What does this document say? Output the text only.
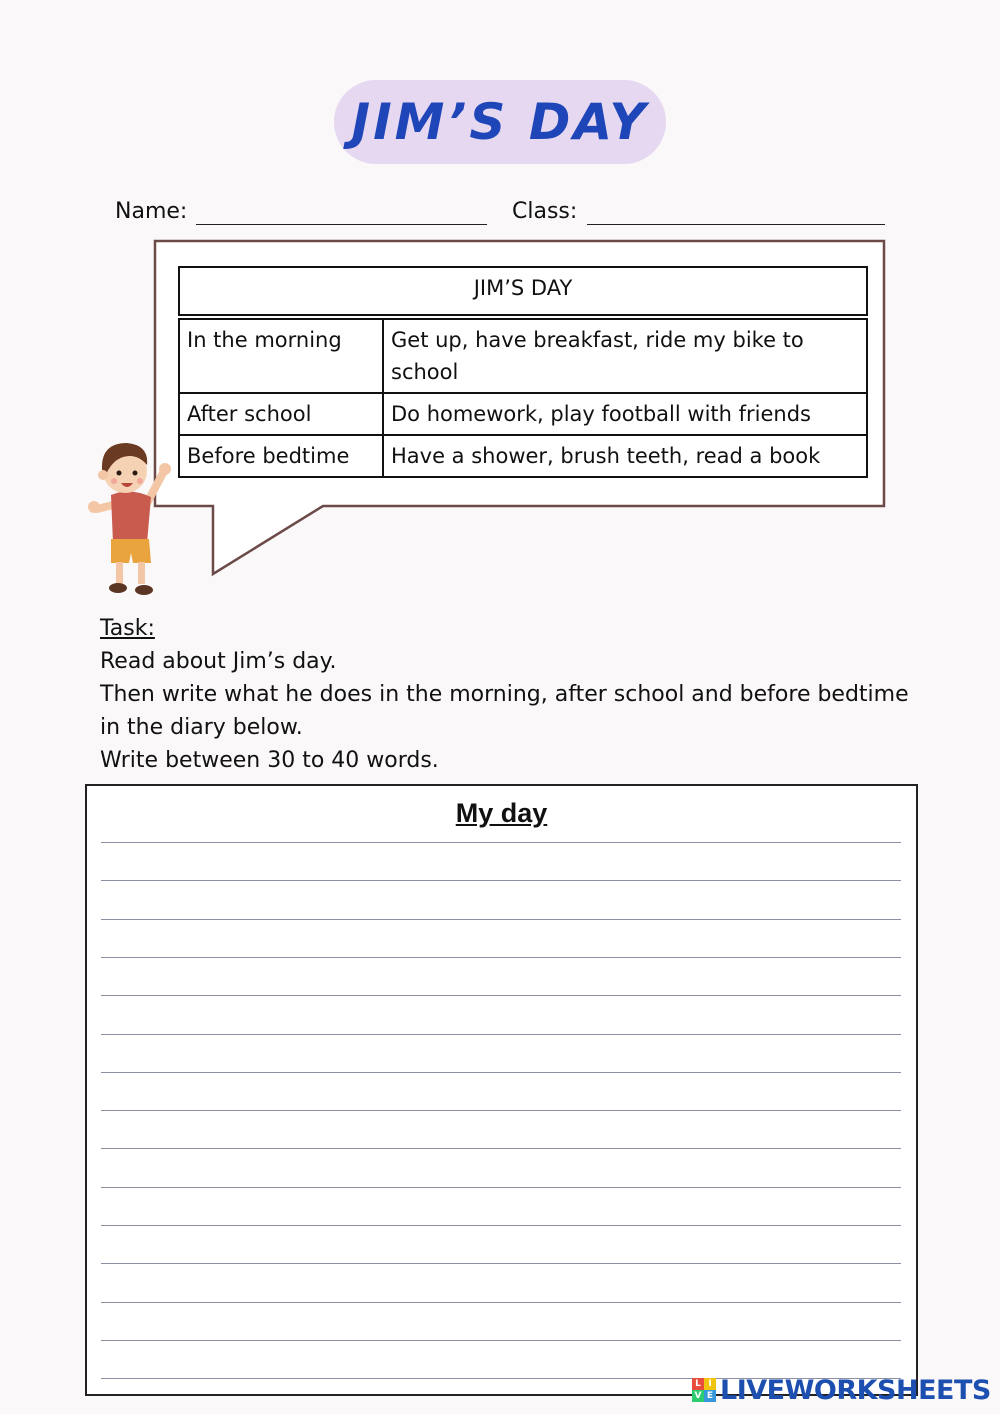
JIM’S DAY
Name:	Class:
JIM’S DAY	

In the morning	Get up, have breakfast, ride my bike to school
After school	Do homework, play football with friends
Before bedtime	Have a shower, brush teeth, read a book
Task:
Read about Jim’s day.
Then write what he does in the morning, after school and before bedtime in the diary below.
Write between 30 to 40 words.
My day
L I
V E LIVEWORKSHEETS
